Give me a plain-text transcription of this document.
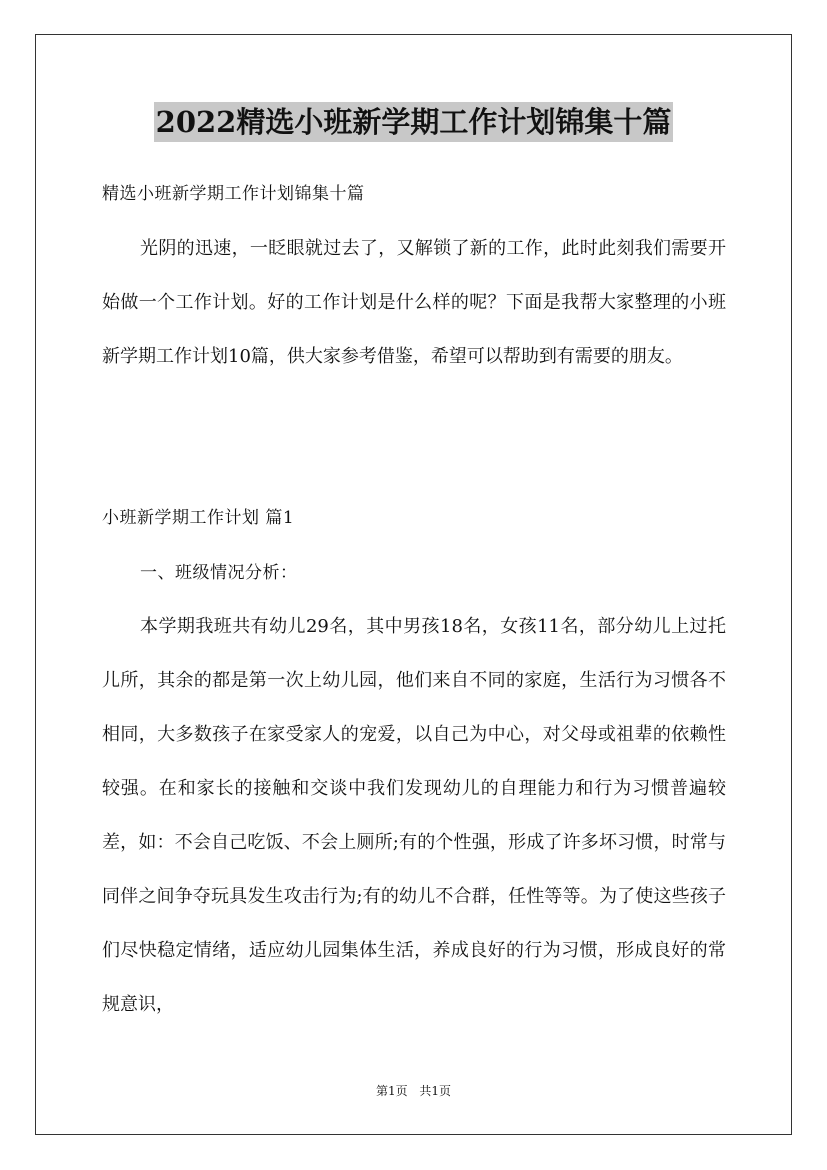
2022精选小班新学期工作计划锦集十篇
精选小班新学期工作计划锦集十篇

光阴的迅速，一眨眼就过去了，又解锁了新的工作，此时此刻我们需要开始做一个工作计划。好的工作计划是什么样的呢？下面是我帮大家整理的小班新学期工作计划10篇，供大家参考借鉴，希望可以帮助到有需要的朋友。

小班新学期工作计划 篇1
一、班级情况分析：

本学期我班共有幼儿29名，其中男孩18名，女孩11名，部分幼儿上过托儿所，其余的都是第一次上幼儿园，他们来自不同的家庭，生活行为习惯各不相同，大多数孩子在家受家人的宠爱，以自己为中心，对父母或祖辈的依赖性较强。在和家长的接触和交谈中我们发现幼儿的自理能力和行为习惯普遍较差，如：不会自己吃饭、不会上厕所;有的个性强，形成了许多坏习惯，时常与同伴之间争夺玩具发生攻击行为;有的幼儿不合群，任性等等。为了使这些孩子们尽快稳定情绪，适应幼儿园集体生活，养成良好的行为习惯，形成良好的常规意识，

第1页 共1页
